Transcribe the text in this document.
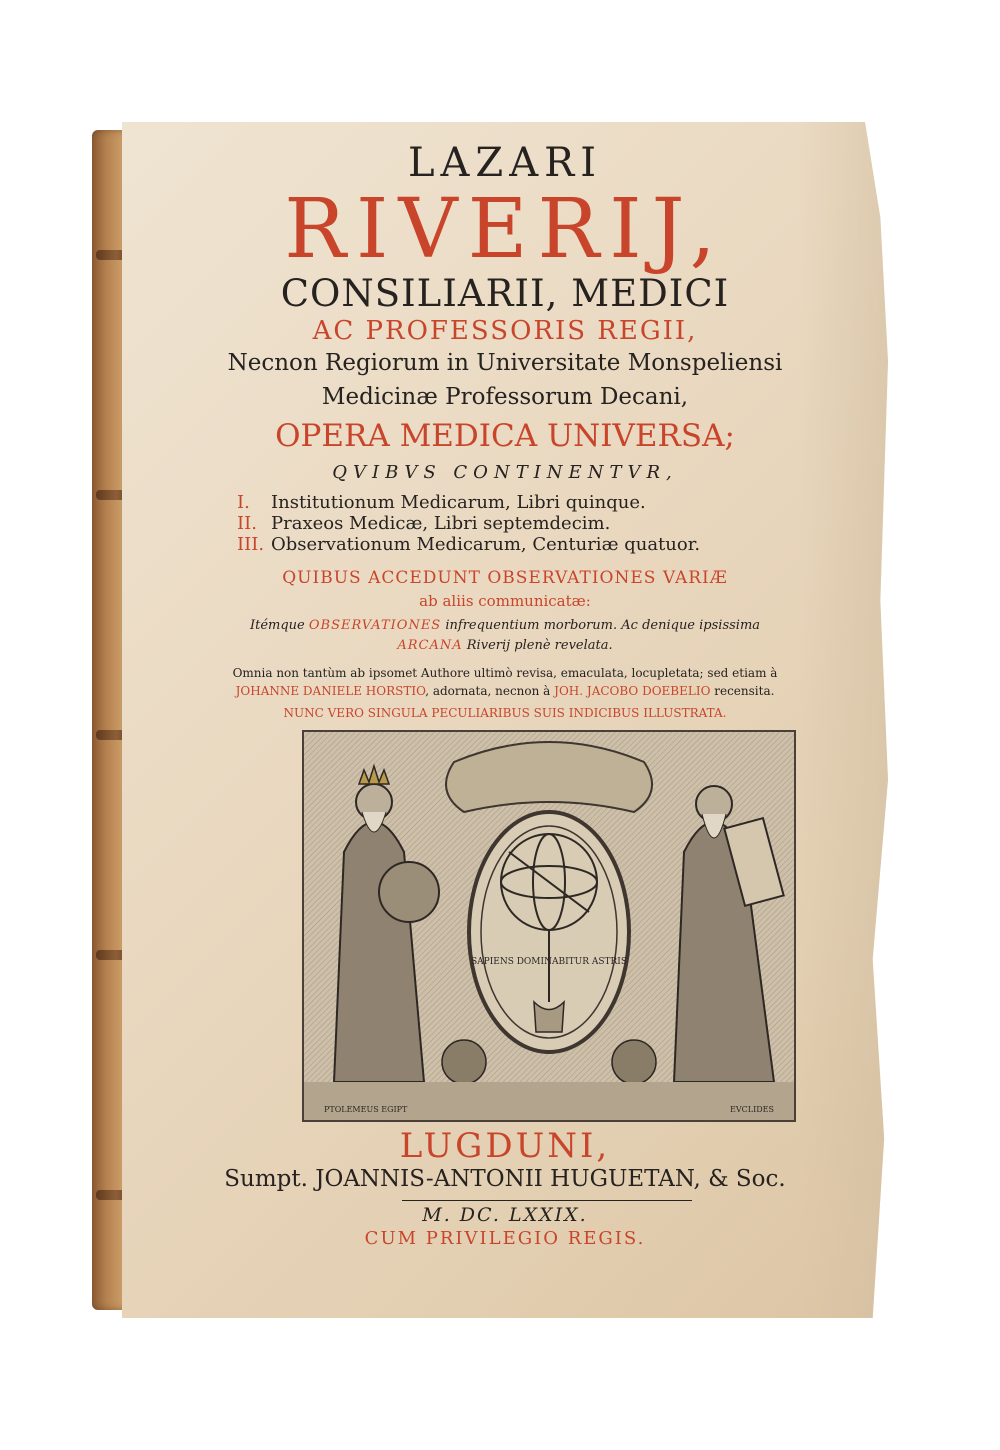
LAZARI
RIVERIJ,
CONSILIARII, MEDICI
AC PROFESSORIS REGII,
Necnon Regiorum in Universitate Monspeliensi
Medicinæ Professorum Decani,
OPERA MEDICA UNIVERSA;
QVIBVS CONTINENTVR,
I. Institutionum Medicarum, Libri quinque.
II. Praxeos Medicæ, Libri septemdecim.
III. Observationum Medicarum, Centuriæ quatuor.
QUIBUS ACCEDUNT OBSERVATIONES VARIÆ
ab aliis communicatæ:
Itémque OBSERVATIONES infrequentium morborum. Ac denique ipsissima
ARCANA Riverij plenè revelata.
Omnia non tantùm ab ipsomet Authore ultimò revisa, emaculata, locupletata; sed etiam à
JOHANNE DANIELE HORSTIO, adornata, necnon à JOH. JACOBO DOEBELIO recensita.
NUNC VERO SINGULA PECULIARIBUS SUIS INDICIBUS ILLUSTRATA.
SAPIENS DOMINABITUR ASTRIS
PTOLEMEUS EGIPT	EVCLIDES
LUGDUNI,
Sumpt. JOANNIS-ANTONII HUGUETAN, & Soc.
M. DC. LXXIX.
CUM PRIVILEGIO REGIS.
